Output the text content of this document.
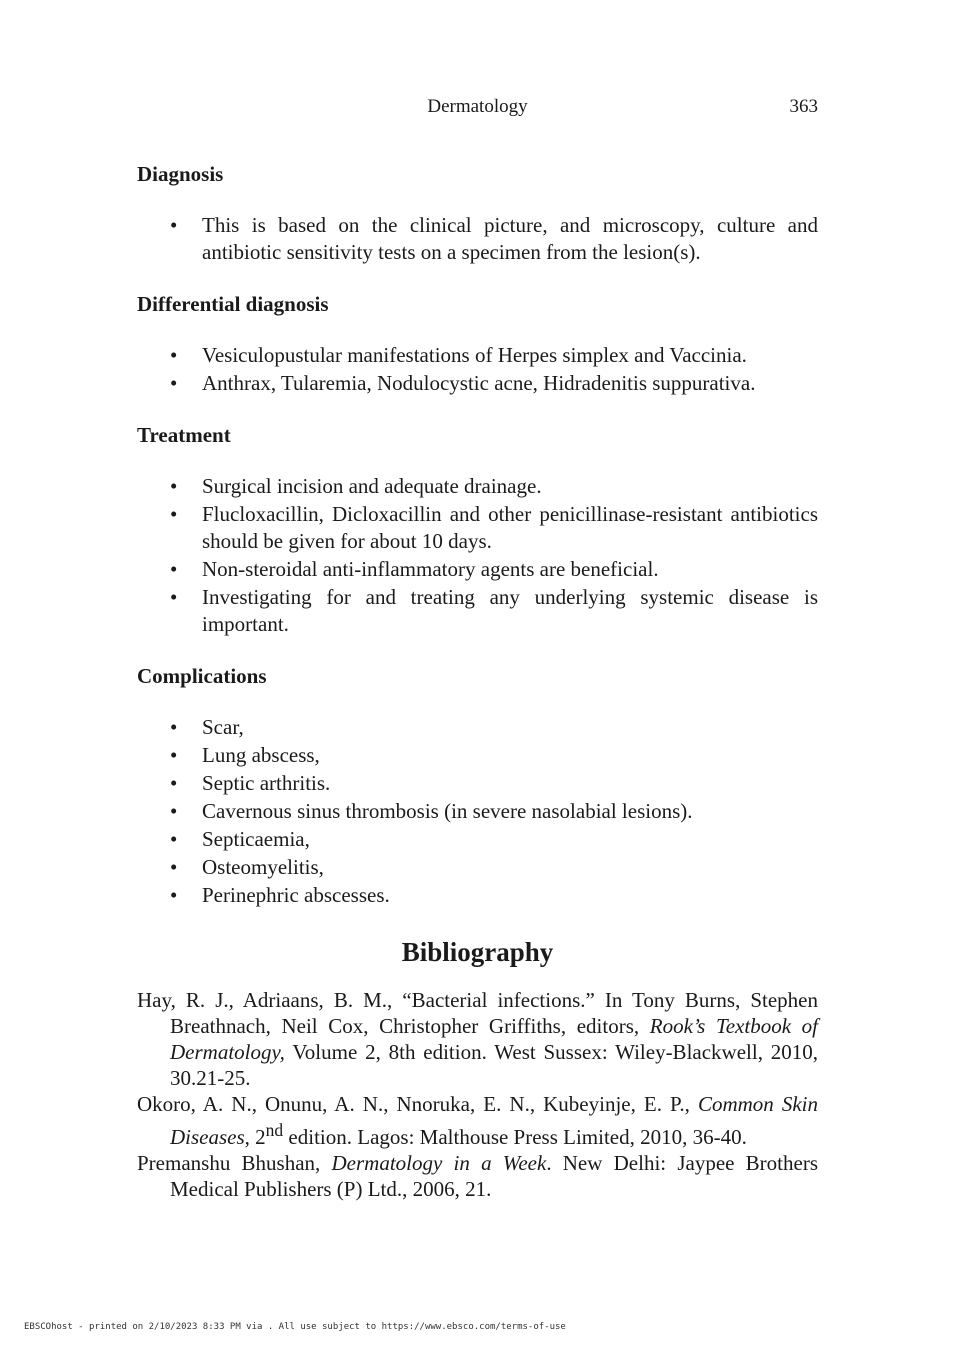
Dermatology	363
Diagnosis
• This is based on the clinical picture, and microscopy, culture and antibiotic sensitivity tests on a specimen from the lesion(s).
Differential diagnosis
• Vesiculopustular manifestations of Herpes simplex and Vaccinia.
• Anthrax, Tularemia, Nodulocystic acne, Hidradenitis suppurativa.
Treatment
• Surgical incision and adequate drainage.
• Flucloxacillin, Dicloxacillin and other penicillinase-resistant antibiotics should be given for about 10 days.
• Non-steroidal anti-inflammatory agents are beneficial.
• Investigating for and treating any underlying systemic disease is important.
Complications
• Scar,
• Lung abscess,
• Septic arthritis.
• Cavernous sinus thrombosis (in severe nasolabial lesions).
• Septicaemia,
• Osteomyelitis,
• Perinephric abscesses.
Bibliography

Hay, R. J., Adriaans, B. M., “Bacterial infections.” In Tony Burns, Stephen Breathnach, Neil Cox, Christopher Griffiths, editors, Rook’s Textbook of Dermatology, Volume 2, 8th edition. West Sussex: Wiley-Blackwell, 2010, 30.21-25.

Okoro, A. N., Onunu, A. N., Nnoruka, E. N., Kubeyinje, E. P., Common Skin Diseases, 2nd edition. Lagos: Malthouse Press Limited, 2010, 36-40.

Premanshu Bhushan, Dermatology in a Week. New Delhi: Jaypee Brothers Medical Publishers (P) Ltd., 2006, 21.

EBSCOhost - printed on 2/10/2023 8:33 PM via . All use subject to https://www.ebsco.com/terms-of-use
